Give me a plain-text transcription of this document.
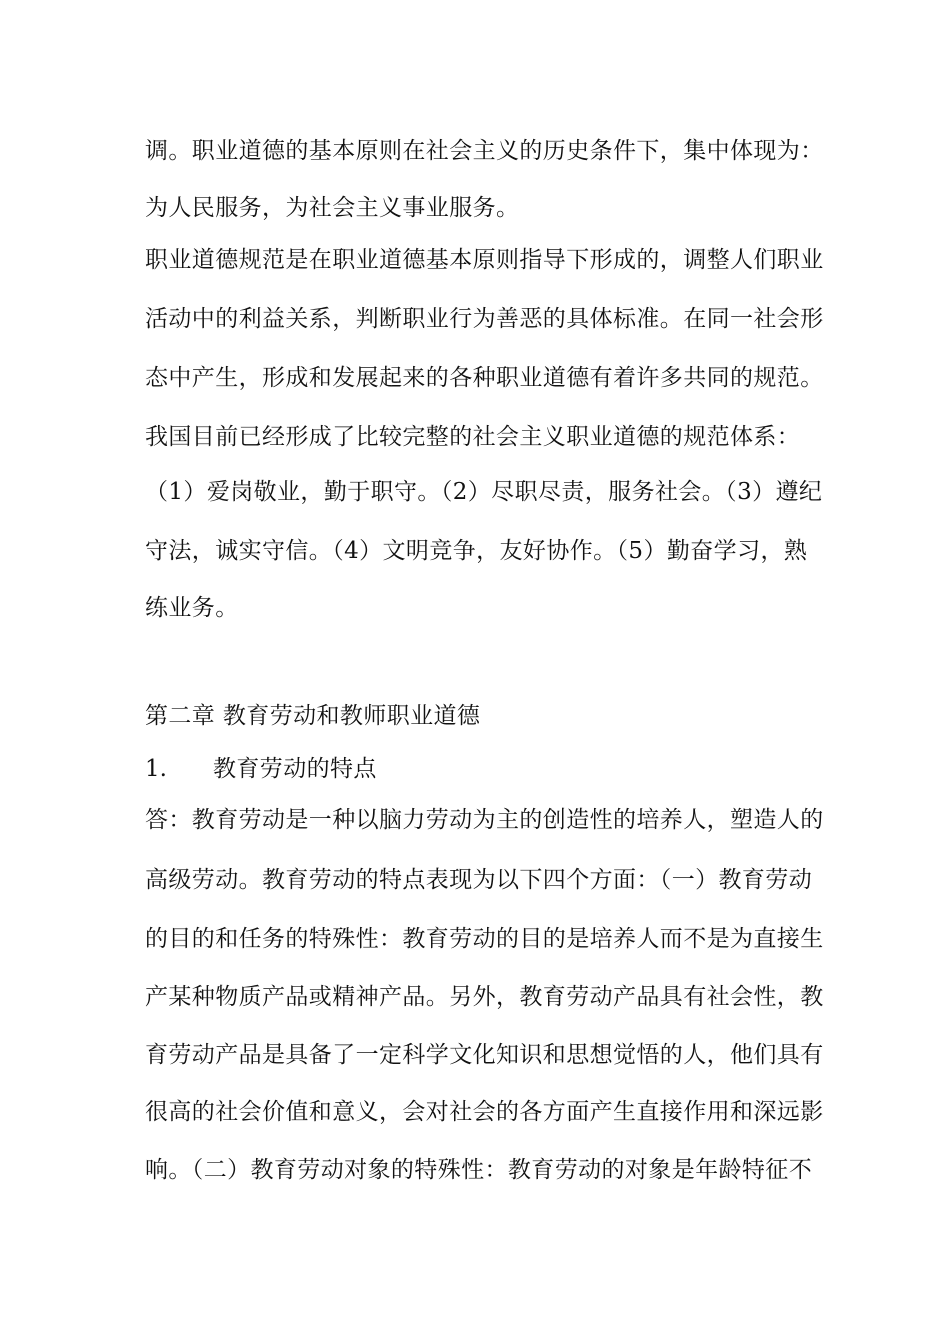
调。职业道德的基本原则在社会主义的历史条件下，集中体现为：
为人民服务，为社会主义事业服务。
职业道德规范是在职业道德基本原则指导下形成的，调整人们职业
活动中的利益关系，判断职业行为善恶的具体标准。在同一社会形
态中产生，形成和发展起来的各种职业道德有着许多共同的规范。
我国目前已经形成了比较完整的社会主义职业道德的规范体系：
（1）爱岗敬业，勤于职守。（2）尽职尽责，服务社会。（3）遵纪
守法，诚实守信。（4）文明竞争，友好协作。（5）勤奋学习，熟
练业务。
第二章 教育劳动和教师职业道德
1. 教育劳动的特点
答：教育劳动是一种以脑力劳动为主的创造性的培养人，塑造人的
高级劳动。教育劳动的特点表现为以下四个方面：（一）教育劳动
的目的和任务的特殊性：教育劳动的目的是培养人而不是为直接生
产某种物质产品或精神产品。另外，教育劳动产品具有社会性，教
育劳动产品是具备了一定科学文化知识和思想觉悟的人，他们具有
很高的社会价值和意义，会对社会的各方面产生直接作用和深远影
响。（二）教育劳动对象的特殊性：教育劳动的对象是年龄特征不
